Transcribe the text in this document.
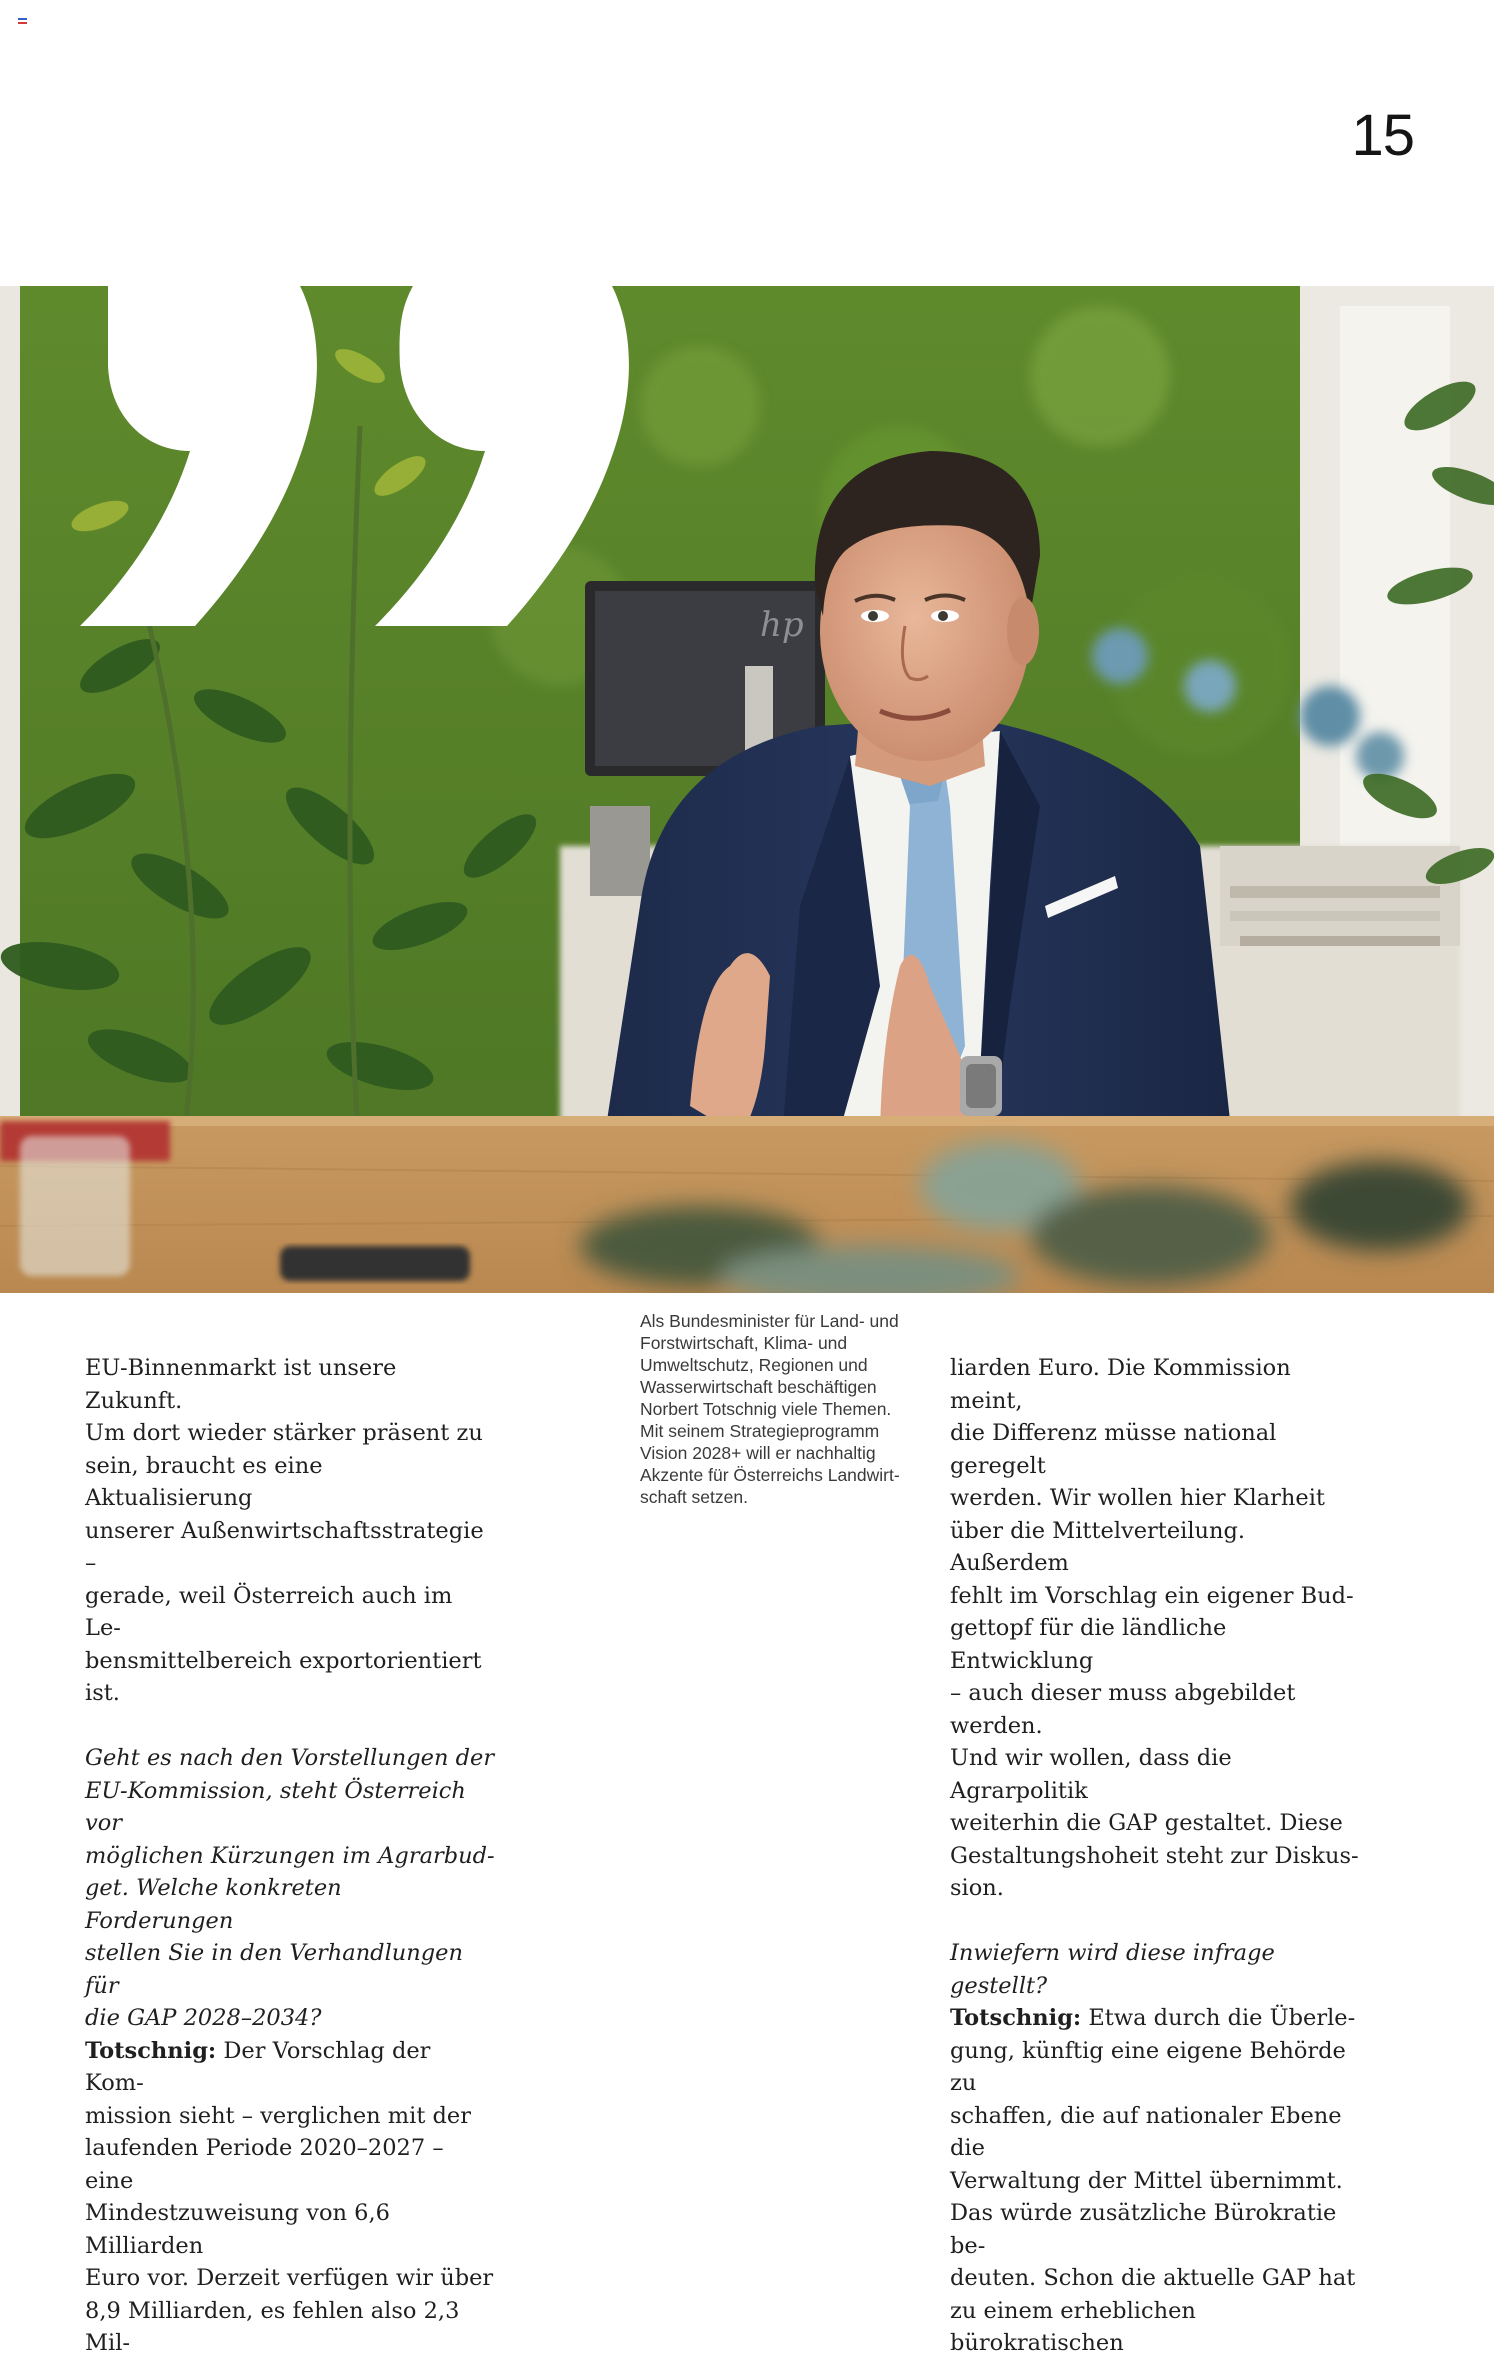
15
hp
Als Bundesminister für Land- und
Forstwirtschaft, Klima- und
Umweltschutz, Regionen und
Wasserwirtschaft beschäftigen
Norbert Totschnig viele Themen.
Mit seinem Strategieprogramm
Vision 2028+ will er nachhaltig
Akzente für Österreichs Landwirt-
schaft setzen.

EU-Binnenmarkt ist unsere Zukunft.

Um dort wieder stärker präsent zu

sein, braucht es eine Aktualisierung

unserer Außenwirtschaftsstrategie –

gerade, weil Österreich auch im Le-

bensmittelbereich exportorientiert

ist.

Geht es nach den Vorstellungen der

EU-Kommission, steht Österreich vor

möglichen Kürzungen im Agrarbud-

get. Welche konkreten Forderungen

stellen Sie in den Verhandlungen für

die GAP 2028–2034?

Totschnig: Der Vorschlag der Kom-

mission sieht – verglichen mit der

laufenden Periode 2020–2027 – eine

Mindestzuweisung von 6,6 Milliarden

Euro vor. Derzeit verfügen wir über

8,9 Milliarden, es fehlen also 2,3 Mil-

liarden Euro. Die Kommission meint,

die Differenz müsse national geregelt

werden. Wir wollen hier Klarheit

über die Mittelverteilung. Außerdem

fehlt im Vorschlag ein eigener Bud-

gettopf für die ländliche Entwicklung

– auch dieser muss abgebildet werden.

Und wir wollen, dass die Agrarpolitik

weiterhin die GAP gestaltet. Diese

Gestaltungshoheit steht zur Diskus-

sion.

Inwiefern wird diese infrage gestellt?

Totschnig: Etwa durch die Überle-

gung, künftig eine eigene Behörde zu

schaffen, die auf nationaler Ebene die

Verwaltung der Mittel übernimmt.

Das würde zusätzliche Bürokratie be-

deuten. Schon die aktuelle GAP hat

zu einem erheblichen bürokratischen
